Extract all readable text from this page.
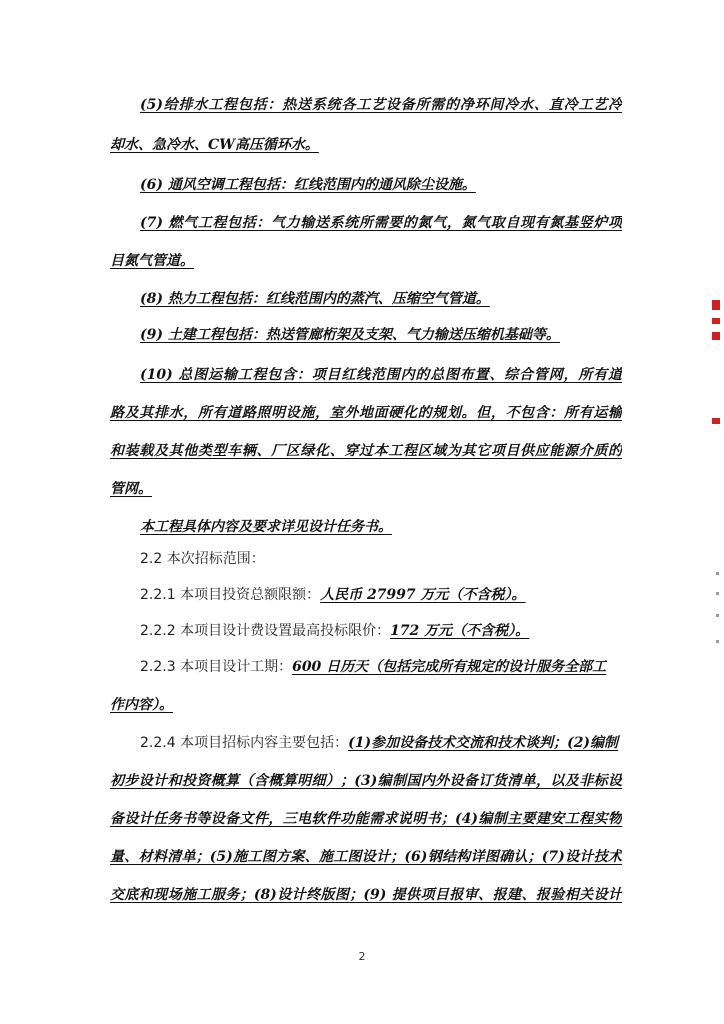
(5)给排水工程包括：热送系统各工艺设备所需的净环间冷水、直冷工艺冷
却水、急冷水、CW高压循环水。
(6) 通风空调工程包括：红线范围内的通风除尘设施。
(7) 燃气工程包括：气力输送系统所需要的氮气，氮气取自现有氮基竖炉项
目氮气管道。
(8) 热力工程包括：红线范围内的蒸汽、压缩空气管道。
(9) 土建工程包括：热送管廊桁架及支架、气力输送压缩机基础等。
(10) 总图运输工程包含：项目红线范围内的总图布置、综合管网，所有道
路及其排水，所有道路照明设施，室外地面硬化的规划。但，不包含：所有运输
和装载及其他类型车辆、厂区绿化、穿过本工程区域为其它项目供应能源介质的
管网。
本工程具体内容及要求详见设计任务书。
2.2 本次招标范围：
2.2.1 本项目投资总额限额：人民币 27997 万元（不含税）。
2.2.2 本项目设计费设置最高投标限价：172 万元（不含税）。
2.2.3 本项目设计工期：600 日历天（包括完成所有规定的设计服务全部工
作内容）。
2.2.4 本项目招标内容主要包括：(1)参加设备技术交流和技术谈判；(2)编制
初步设计和投资概算（含概算明细）；(3)编制国内外设备订货清单，以及非标设
备设计任务书等设备文件，三电软件功能需求说明书；(4)编制主要建安工程实物
量、材料清单；(5)施工图方案、施工图设计；(6)钢结构详图确认；(7)设计技术
交底和现场施工服务；(8)设计终版图；(9) 提供项目报审、报建、报验相关设计
2
